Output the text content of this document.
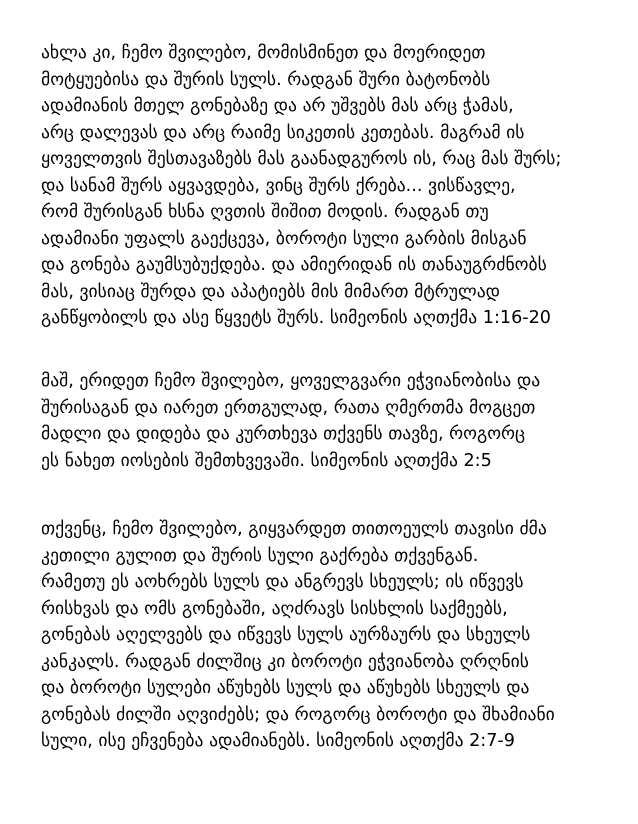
ახლა კი, ჩემო შვილებო, მომისმინეთ და მოერიდეთ
მოტყუებისა და შურის სულს. რადგან შური ბატონობს
ადამიანის მთელ გონებაზე და არ უშვებს მას არც ჭამას,
არც დალევას და არც რაიმე სიკეთის კეთებას. მაგრამ ის
ყოველთვის შესთავაზებს მას გაანადგუროს ის, რაც მას შურს;
და სანამ შურს აყვავდება, ვინც შურს ქრება... ვისწავლე,
რომ შურისგან ხსნა ღვთის შიშით მოდის. რადგან თუ
ადამიანი უფალს გაექცევა, ბოროტი სული გარბის მისგან
და გონება გაუმსუბუქდება. და ამიერიდან ის თანაუგრძნობს
მას, ვისიაც შურდა და აპატიებს მის მიმართ მტრულად
განწყობილს და ასე წყვეტს შურს. სიმეონის აღთქმა 1:16-20
მაშ, ერიდეთ ჩემო შვილებო, ყოველგვარი ეჭვიანობისა და
შურისაგან და იარეთ ერთგულად, რათა ღმერთმა მოგცეთ
მადლი და დიდება და კურთხევა თქვენს თავზე, როგორც
ეს ნახეთ იოსების შემთხვევაში. სიმეონის აღთქმა 2:5
თქვენც, ჩემო შვილებო, გიყვარდეთ თითოეულს თავისი ძმა
კეთილი გულით და შურის სული გაქრება თქვენგან.
რამეთუ ეს აოხრებს სულს და ანგრევს სხეულს; ის იწვევს
რისხვას და ომს გონებაში, აღძრავს სისხლის საქმეებს,
გონებას აღელვებს და იწვევს სულს აურზაურს და სხეულს
კანკალს. რადგან ძილშიც კი ბოროტი ეჭვიანობა ღრღნის
და ბოროტი სულები აწუხებს სულს და აწუხებს სხეულს და
გონებას ძილში აღვიძებს; და როგორც ბოროტი და შხამიანი
სული, ისე ეჩვენება ადამიანებს. სიმეონის აღთქმა 2:7-9
